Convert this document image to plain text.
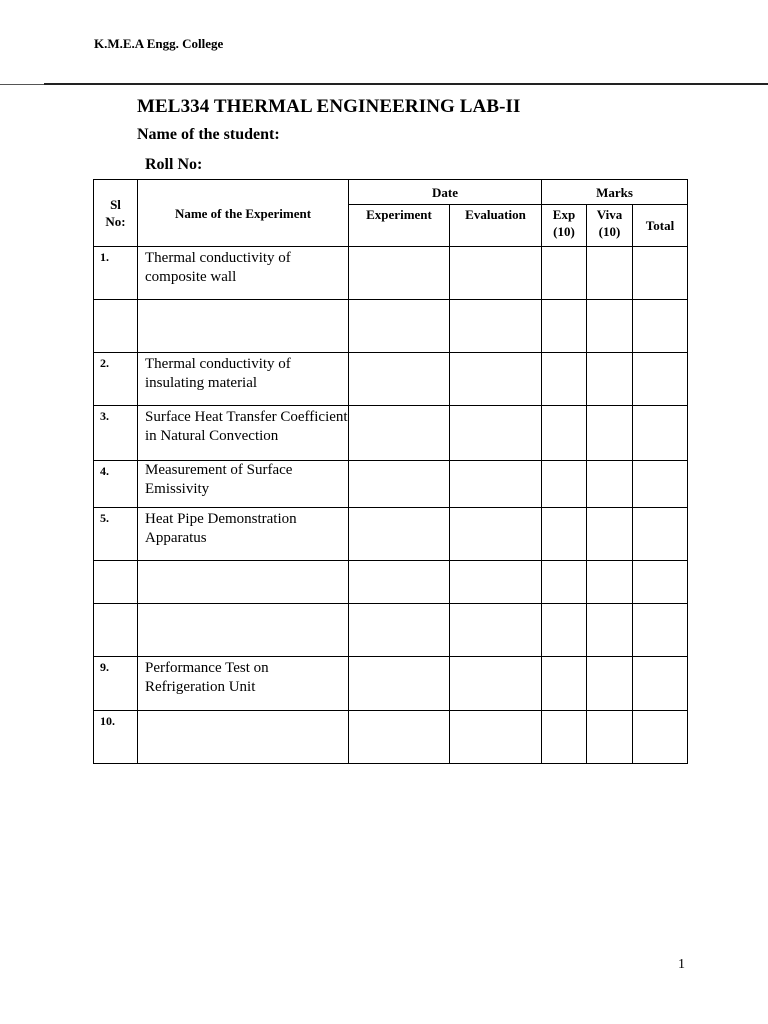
K.M.E.A Engg. College
MEL334 THERMAL ENGINEERING LAB-II
Name of the student:
Roll No:
Sl No:	Name of the Experiment	Date		Marks		
		Experiment	Evaluation	Exp (10)	Viva (10)	Total
1.	Thermal conductivity of composite wall					

2.	Thermal conductivity of insulating material					
3.	Surface Heat Transfer Coefficient in Natural Convection					
4.	Measurement of Surface Emissivity					
5.	Heat Pipe Demonstration Apparatus					

9.	Performance Test on Refrigeration Unit					
10.						
1
